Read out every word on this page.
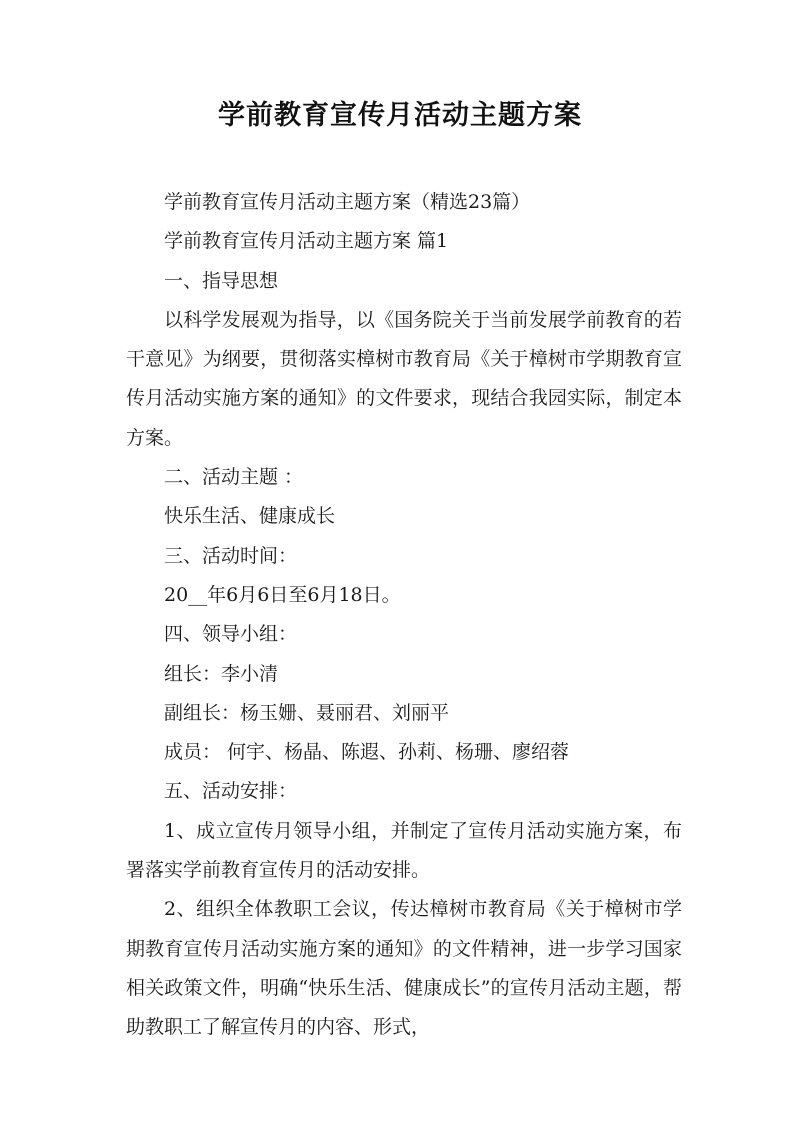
学前教育宣传月活动主题方案

学前教育宣传月活动主题方案（精选23篇）

学前教育宣传月活动主题方案 篇1

一、指导思想

以科学发展观为指导，以《国务院关于当前发展学前教育的若干意见》为纲要，贯彻落实樟树市教育局《关于樟树市学期教育宣传月活动实施方案的通知》的文件要求，现结合我园实际，制定本方案。

二、活动主题 ：

快乐生活、健康成长

三、活动时间：

20__年6月6日至6月18日。

四、领导小组：

组长：李小清

副组长：杨玉姗、聂丽君、刘丽平

成员： 何宇、杨晶、陈遐、孙莉、杨珊、廖绍蓉

五、活动安排：

1、成立宣传月领导小组，并制定了宣传月活动实施方案，布署落实学前教育宣传月的活动安排。

2、组织全体教职工会议，传达樟树市教育局《关于樟树市学期教育宣传月活动实施方案的通知》的文件精神，进一步学习国家相关政策文件，明确“快乐生活、健康成长”的宣传月活动主题，帮助教职工了解宣传月的内容、形式，
